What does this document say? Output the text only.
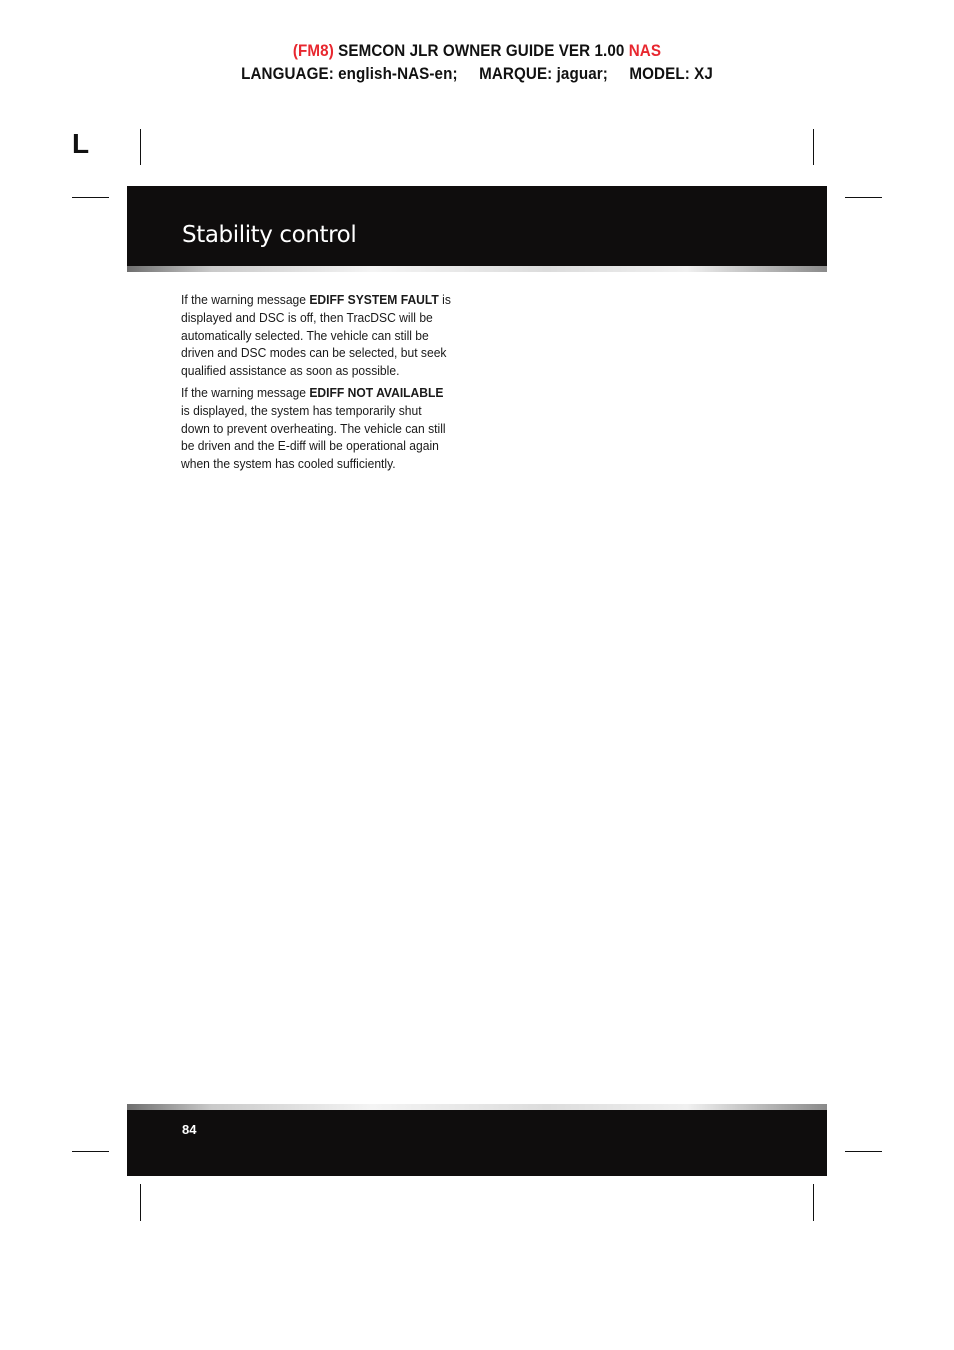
(FM8) SEMCON JLR OWNER GUIDE VER 1.00 NAS
LANGUAGE: english-NAS-en;     MARQUE: jaguar;     MODEL: XJ
L
Stability control

If the warning message EDIFF SYSTEM FAULT is displayed and DSC is off, then TracDSC will be automatically selected. The vehicle can still be driven and DSC modes can be selected, but seek qualified assistance as soon as possible.

If the warning message EDIFF NOT AVAILABLE is displayed, the system has temporarily shut down to prevent overheating. The vehicle can still be driven and the E-diff will be operational again when the system has cooled sufficiently.

84
